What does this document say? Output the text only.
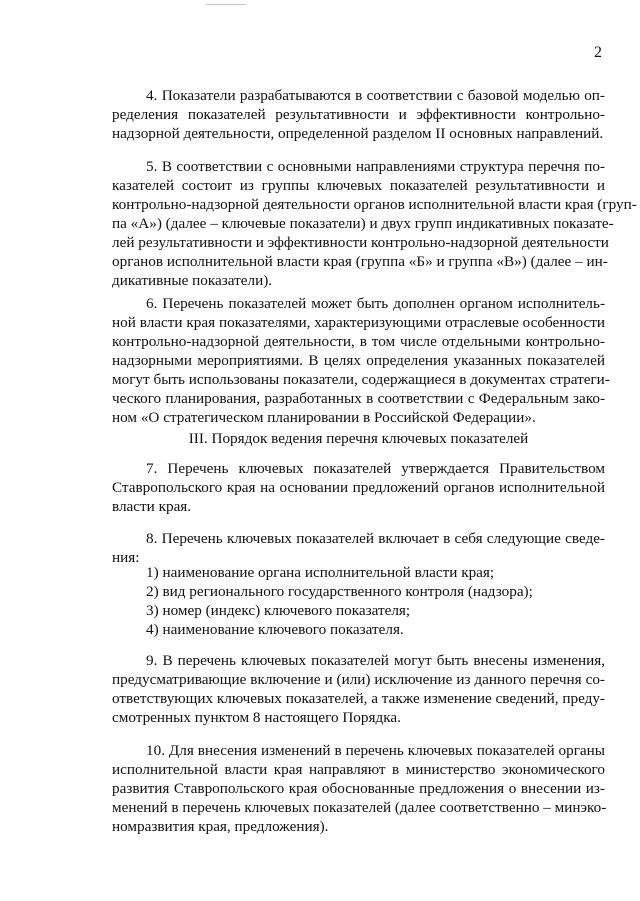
2
4. Показатели разрабатываются в соответствии с базовой моделью оп-
ределения показателей результативности и эффективности контрольно-
надзорной деятельности, определенной разделом II основных направлений.
5. В соответствии с основными направлениями структура перечня по-
казателей состоит из группы ключевых показателей результативности и
контрольно-надзорной деятельности органов исполнительной власти края (груп-
па «А») (далее – ключевые показатели) и двух групп индикативных показате-
лей результативности и эффективности контрольно-надзорной деятельности
органов исполнительной власти края (группа «Б» и группа «В») (далее – ин-
дикативные показатели).
6. Перечень показателей может быть дополнен органом исполнитель-
ной власти края показателями, характеризующими отраслевые особенности
контрольно-надзорной деятельности, в том числе отдельными контрольно-
надзорными мероприятиями. В целях определения указанных показателей
могут быть использованы показатели, содержащиеся в документах стратеги-
ческого планирования, разработанных в соответствии с Федеральным зако-
ном «О стратегическом планировании в Российской Федерации».
III. Порядок ведения перечня ключевых показателей
7. Перечень ключевых показателей утверждается Правительством
Ставропольского края на основании предложений органов исполнительной
власти края.
8. Перечень ключевых показателей включает в себя следующие сведе-
ния:
1) наименование органа исполнительной власти края;
2) вид регионального государственного контроля (надзора);
3) номер (индекс) ключевого показателя;
4) наименование ключевого показателя.
9. В перечень ключевых показателей могут быть внесены изменения,
предусматривающие включение и (или) исключение из данного перечня со-
ответствующих ключевых показателей, а также изменение сведений, преду-
смотренных пунктом 8 настоящего Порядка.
10. Для внесения изменений в перечень ключевых показателей органы
исполнительной власти края направляют в министерство экономического
развития Ставропольского края обоснованные предложения о внесении из-
менений в перечень ключевых показателей (далее соответственно – минэко-
номразвития края, предложения).
